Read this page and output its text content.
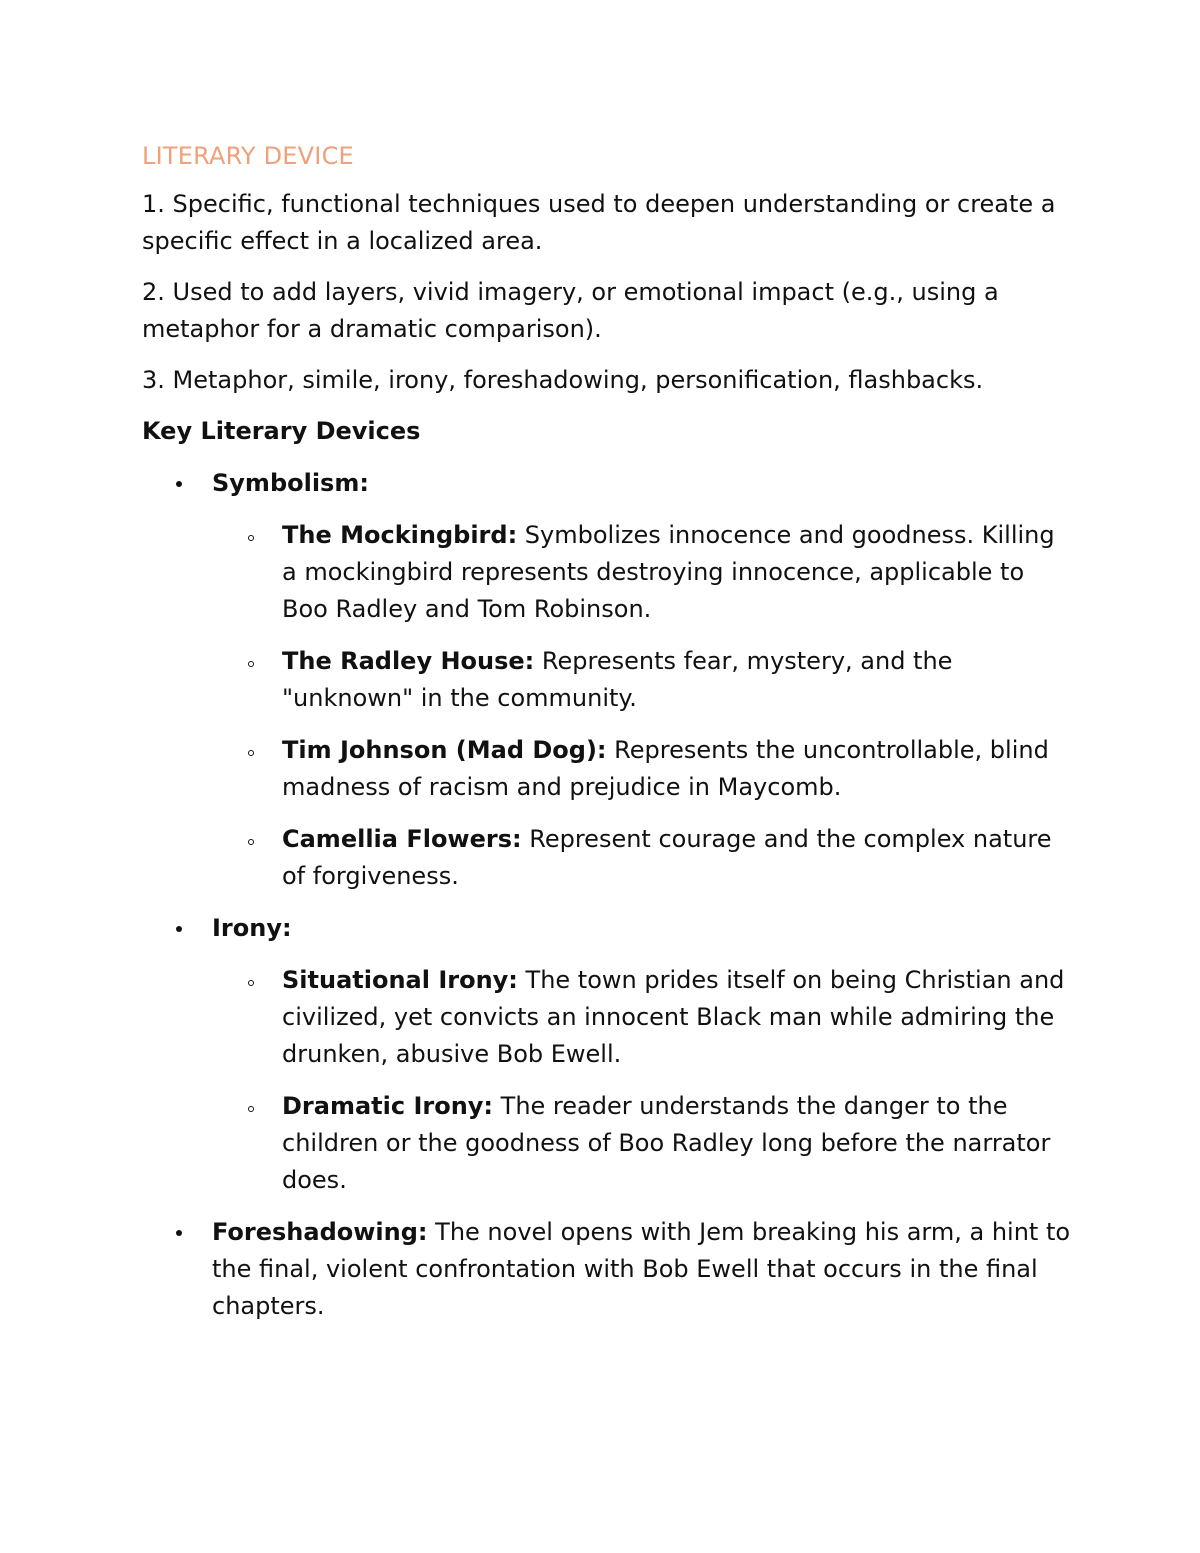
LITERARY DEVICE

1. Specific, functional techniques used to deepen understanding or create a specific effect in a localized area.

2. Used to add layers, vivid imagery, or emotional impact (e.g., using a metaphor for a dramatic comparison).

3. Metaphor, simile, irony, foreshadowing, personification, flashbacks.

Key Literary Devices
Symbolism:
The Mockingbird: Symbolizes innocence and goodness. Killing a mockingbird represents destroying innocence, applicable to Boo Radley and Tom Robinson.
The Radley House: Represents fear, mystery, and the "unknown" in the community.
Tim Johnson (Mad Dog): Represents the uncontrollable, blind madness of racism and prejudice in Maycomb.
Camellia Flowers: Represent courage and the complex nature of forgiveness.
Irony:
Situational Irony: The town prides itself on being Christian and civilized, yet convicts an innocent Black man while admiring the drunken, abusive Bob Ewell.
Dramatic Irony: The reader understands the danger to the children or the goodness of Boo Radley long before the narrator does.
Foreshadowing: The novel opens with Jem breaking his arm, a hint to the final, violent confrontation with Bob Ewell that occurs in the final chapters.
